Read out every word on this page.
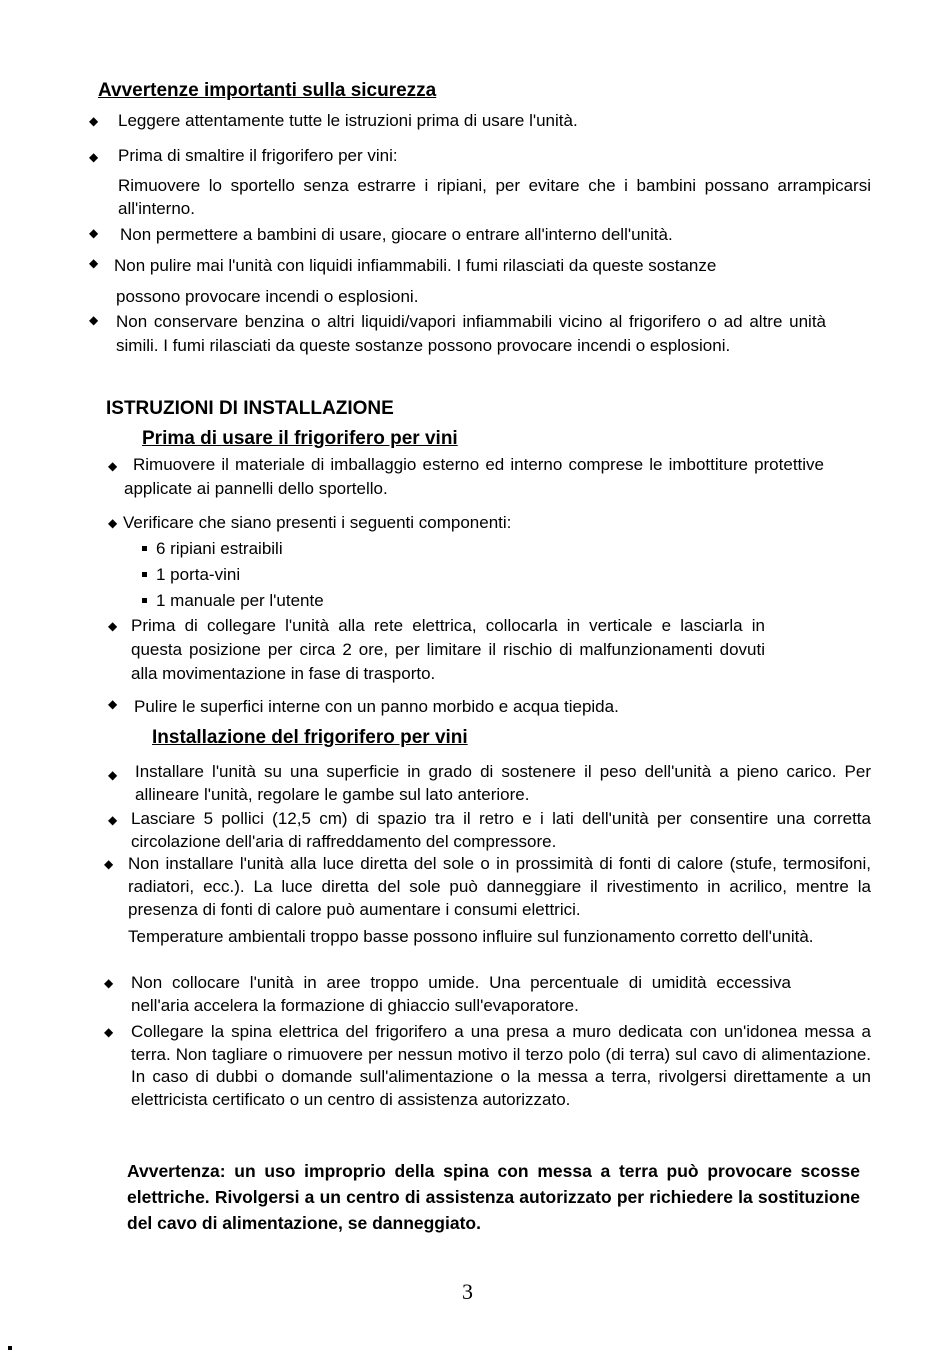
Avvertenze importanti sulla sicurezza
◆ Leggere attentamente tutte le istruzioni prima di usare l'unità.
◆ Prima di smaltire il frigorifero per vini:
Rimuovere lo sportello senza estrarre i ripiani, per evitare che i bambini possano arrampicarsi all'interno.
◆ Non permettere a bambini di usare, giocare o entrare all'interno dell'unità.
◆ Non pulire mai l'unità con liquidi infiammabili. I fumi rilasciati da queste sostanze
possono provocare incendi o esplosioni.
◆ Non conservare benzina o altri liquidi/vapori infiammabili vicino al frigorifero o ad altre unità simili. I fumi rilasciati da queste sostanze possono provocare incendi o esplosioni.
ISTRUZIONI DI INSTALLAZIONE
Prima di usare il frigorifero per vini
◆ Rimuovere il materiale di imballaggio esterno ed interno comprese le imbottiture protettive applicate ai pannelli dello sportello.
◆ Verificare che siano presenti i seguenti componenti:
6 ripiani estraibili
1 porta-vini
1 manuale per l'utente
◆ Prima di collegare l'unità alla rete elettrica, collocarla in verticale e lasciarla in questa posizione per circa 2 ore, per limitare il rischio di malfunzionamenti dovuti alla movimentazione in fase di trasporto.
◆ Pulire le superfici interne con un panno morbido e acqua tiepida.
Installazione del frigorifero per vini
◆ Installare l'unità su una superficie in grado di sostenere il peso dell'unità a pieno carico. Per allineare l'unità, regolare le gambe sul lato anteriore.
◆ Lasciare 5 pollici (12,5 cm) di spazio tra il retro e i lati dell'unità per consentire una corretta circolazione dell'aria di raffreddamento del compressore.
◆ Non installare l'unità alla luce diretta del sole o in prossimità di fonti di calore (stufe, termosifoni, radiatori, ecc.). La luce diretta del sole può danneggiare il rivestimento in acrilico, mentre la presenza di fonti di calore può aumentare i consumi elettrici.
Temperature ambientali troppo basse possono influire sul funzionamento corretto dell'unità.
◆ Non collocare l'unità in aree troppo umide. Una percentuale di umidità eccessiva nell'aria accelera la formazione di ghiaccio sull'evaporatore.
◆ Collegare la spina elettrica del frigorifero a una presa a muro dedicata con un'idonea messa a terra. Non tagliare o rimuovere per nessun motivo il terzo polo (di terra) sul cavo di alimentazione. In caso di dubbi o domande sull'alimentazione o la messa a terra, rivolgersi direttamente a un elettricista certificato o un centro di assistenza autorizzato.
Avvertenza: un uso improprio della spina con messa a terra può provocare scosse elettriche. Rivolgersi a un centro di assistenza autorizzato per richiedere la sostituzione del cavo di alimentazione, se danneggiato.
3
